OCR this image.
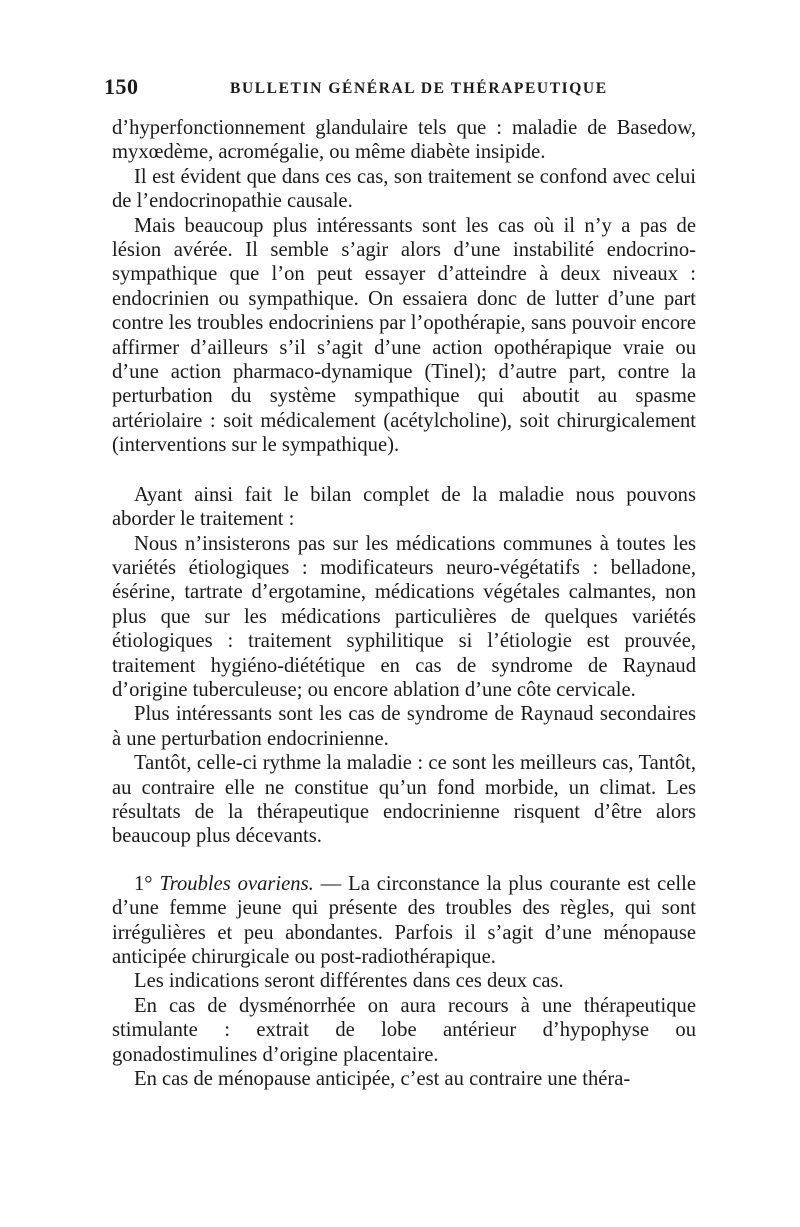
150	BULLETIN GÉNÉRAL DE THÉRAPEUTIQUE

d’hyperfonctionnement glandulaire tels que : maladie de Basedow, myxœdème, acromégalie, ou même diabète insipide.

Il est évident que dans ces cas, son traitement se confond avec celui de l’endocrinopathie causale.

Mais beaucoup plus intéressants sont les cas où il n’y a pas de lésion avérée. Il semble s’agir alors d’une instabilité endocrino-sympathique que l’on peut essayer d’atteindre à deux niveaux : endocrinien ou sympathique. On essaiera donc de lutter d’une part contre les troubles endocriniens par l’opothérapie, sans pouvoir encore affirmer d’ailleurs s’il s’agit d’une action opothérapique vraie ou d’une action pharmaco-dynamique (Tinel); d’autre part, contre la perturbation du système sympathique qui aboutit au spasme artériolaire : soit médicalement (acétylcholine), soit chirurgicalement (interventions sur le sympathique).

Ayant ainsi fait le bilan complet de la maladie nous pouvons aborder le traitement :

Nous n’insisterons pas sur les médications communes à toutes les variétés étiologiques : modificateurs neuro-végétatifs : belladone, ésérine, tartrate d’ergotamine, médications végétales calmantes, non plus que sur les médications particulières de quelques variétés étiologiques : traitement syphilitique si l’étiologie est prouvée, traitement hygiéno-diététique en cas de syndrome de Raynaud d’origine tuberculeuse; ou encore ablation d’une côte cervicale.

Plus intéressants sont les cas de syndrome de Raynaud secondaires à une perturbation endocrinienne.

Tantôt, celle-ci rythme la maladie : ce sont les meilleurs cas, Tantôt, au contraire elle ne constitue qu’un fond morbide, un climat. Les résultats de la thérapeutique endocrinienne risquent d’être alors beaucoup plus décevants.

1° Troubles ovariens. — La circonstance la plus courante est celle d’une femme jeune qui présente des troubles des règles, qui sont irrégulières et peu abondantes. Parfois il s’agit d’une ménopause anticipée chirurgicale ou post-radiothérapique.

Les indications seront différentes dans ces deux cas.

En cas de dysménorrhée on aura recours à une thérapeutique stimulante : extrait de lobe antérieur d’hypophyse ou gonadostimulines d’origine placentaire.

En cas de ménopause anticipée, c’est au contraire une théra-
